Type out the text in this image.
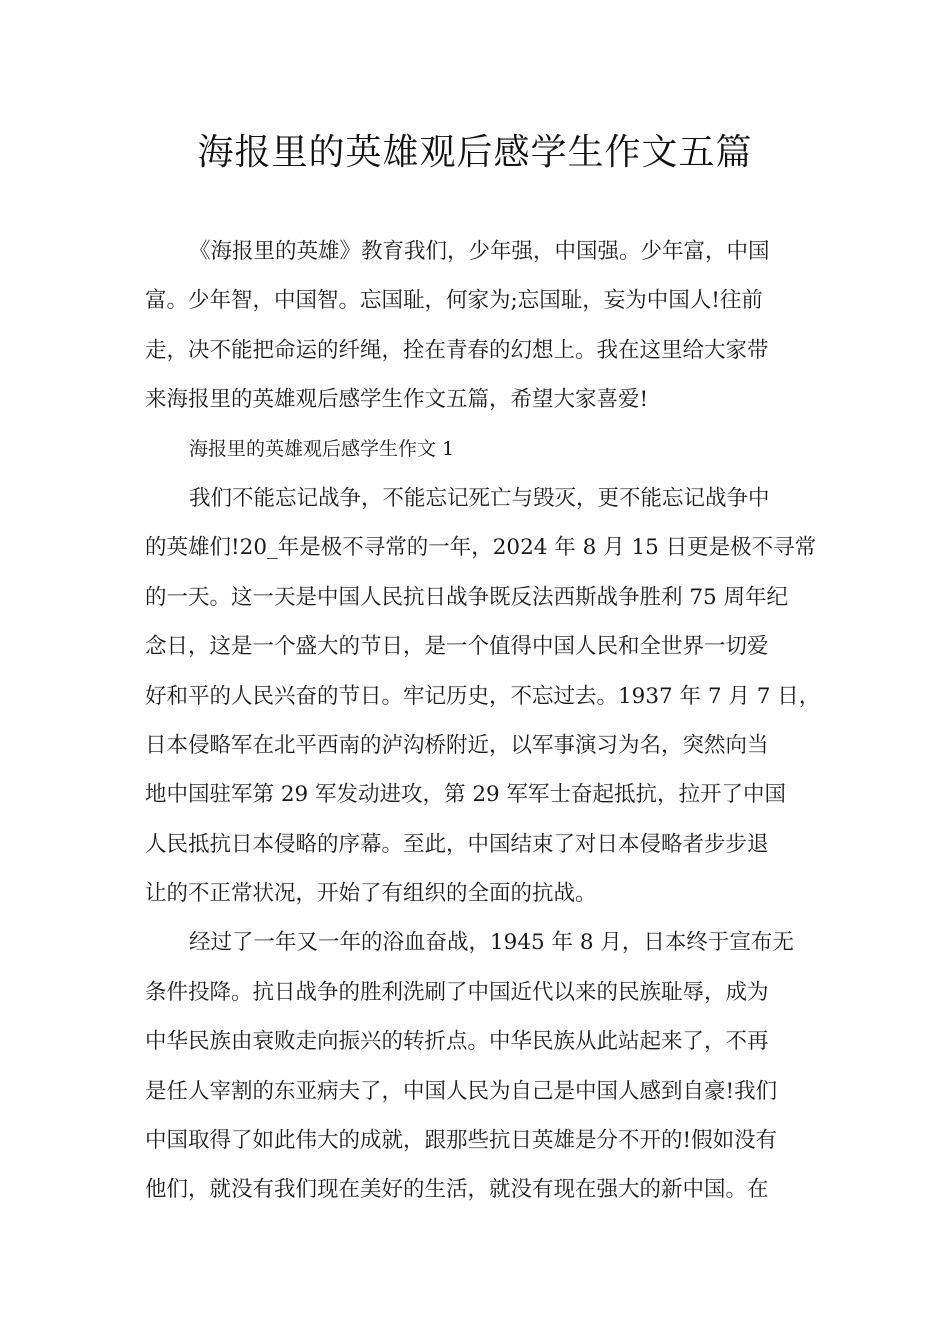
海报里的英雄观后感学生作文五篇
《海报里的英雄》教育我们，少年强，中国强。少年富，中国
富。少年智，中国智。忘国耻，何家为;忘国耻，妄为中国人!往前
走，决不能把命运的纤绳，拴在青春的幻想上。我在这里给大家带
来海报里的英雄观后感学生作文五篇，希望大家喜爱!
海报里的英雄观后感学生作文 1
我们不能忘记战争，不能忘记死亡与毁灭，更不能忘记战争中
的英雄们!20_年是极不寻常的一年，2024 年 8 月 15 日更是极不寻常
的一天。这一天是中国人民抗日战争既反法西斯战争胜利 75 周年纪
念日，这是一个盛大的节日，是一个值得中国人民和全世界一切爱
好和平的人民兴奋的节日。牢记历史，不忘过去。1937 年 7 月 7 日，
日本侵略军在北平西南的泸沟桥附近，以军事演习为名，突然向当
地中国驻军第 29 军发动进攻，第 29 军军士奋起抵抗，拉开了中国
人民抵抗日本侵略的序幕。至此，中国结束了对日本侵略者步步退
让的不正常状况，开始了有组织的全面的抗战。
经过了一年又一年的浴血奋战，1945 年 8 月，日本终于宣布无
条件投降。抗日战争的胜利洗刷了中国近代以来的民族耻辱，成为
中华民族由衰败走向振兴的转折点。中华民族从此站起来了，不再
是任人宰割的东亚病夫了，中国人民为自己是中国人感到自豪!我们
中国取得了如此伟大的成就，跟那些抗日英雄是分不开的!假如没有
他们，就没有我们现在美好的生活，就没有现在强大的新中国。在
